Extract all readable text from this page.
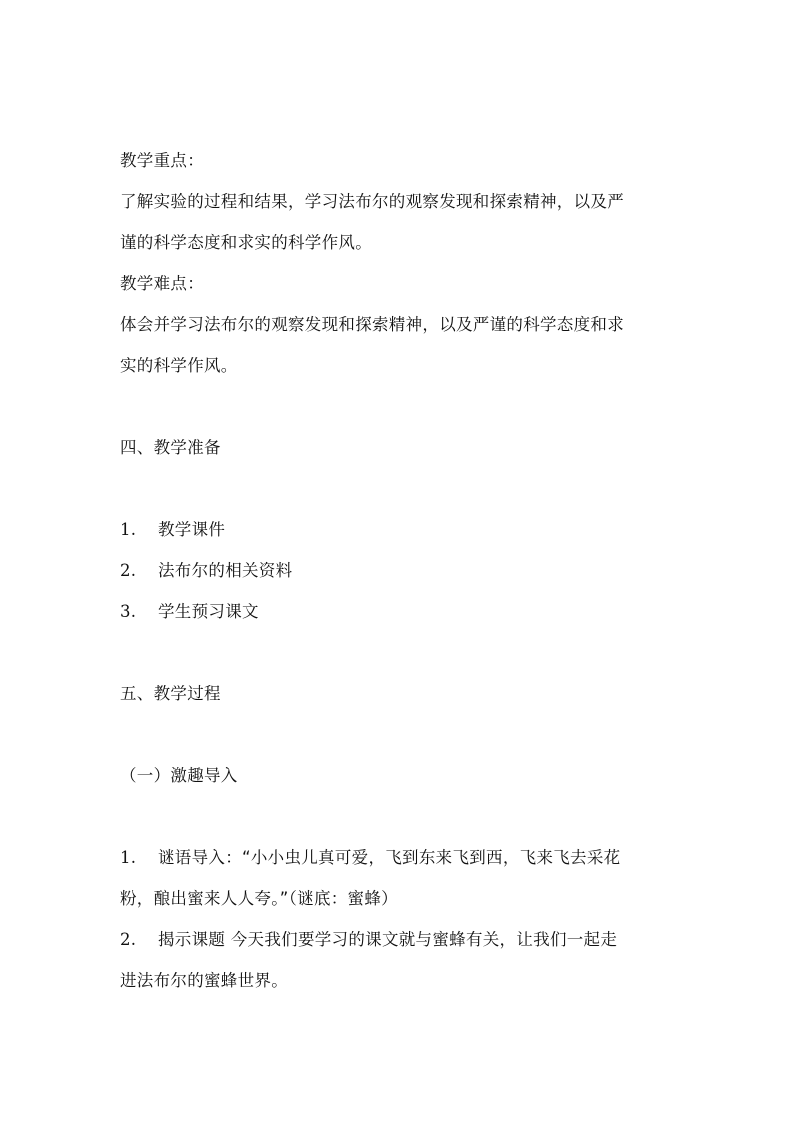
教学重点：
了解实验的过程和结果，学习法布尔的观察发现和探索精神，以及严
谨的科学态度和求实的科学作风。
教学难点：
体会并学习法布尔的观察发现和探索精神，以及严谨的科学态度和求
实的科学作风。
四、教学准备
1.	教学课件
2.	法布尔的相关资料
3.	学生预习课文
五、教学过程
（一）激趣导入
1.	谜语导入：“小小虫儿真可爱，飞到东来飞到西，飞来飞去采花
粉，酿出蜜来人人夸。”（谜底：蜜蜂）
2.	揭示课题 今天我们要学习的课文就与蜜蜂有关，让我们一起走
进法布尔的蜜蜂世界。
